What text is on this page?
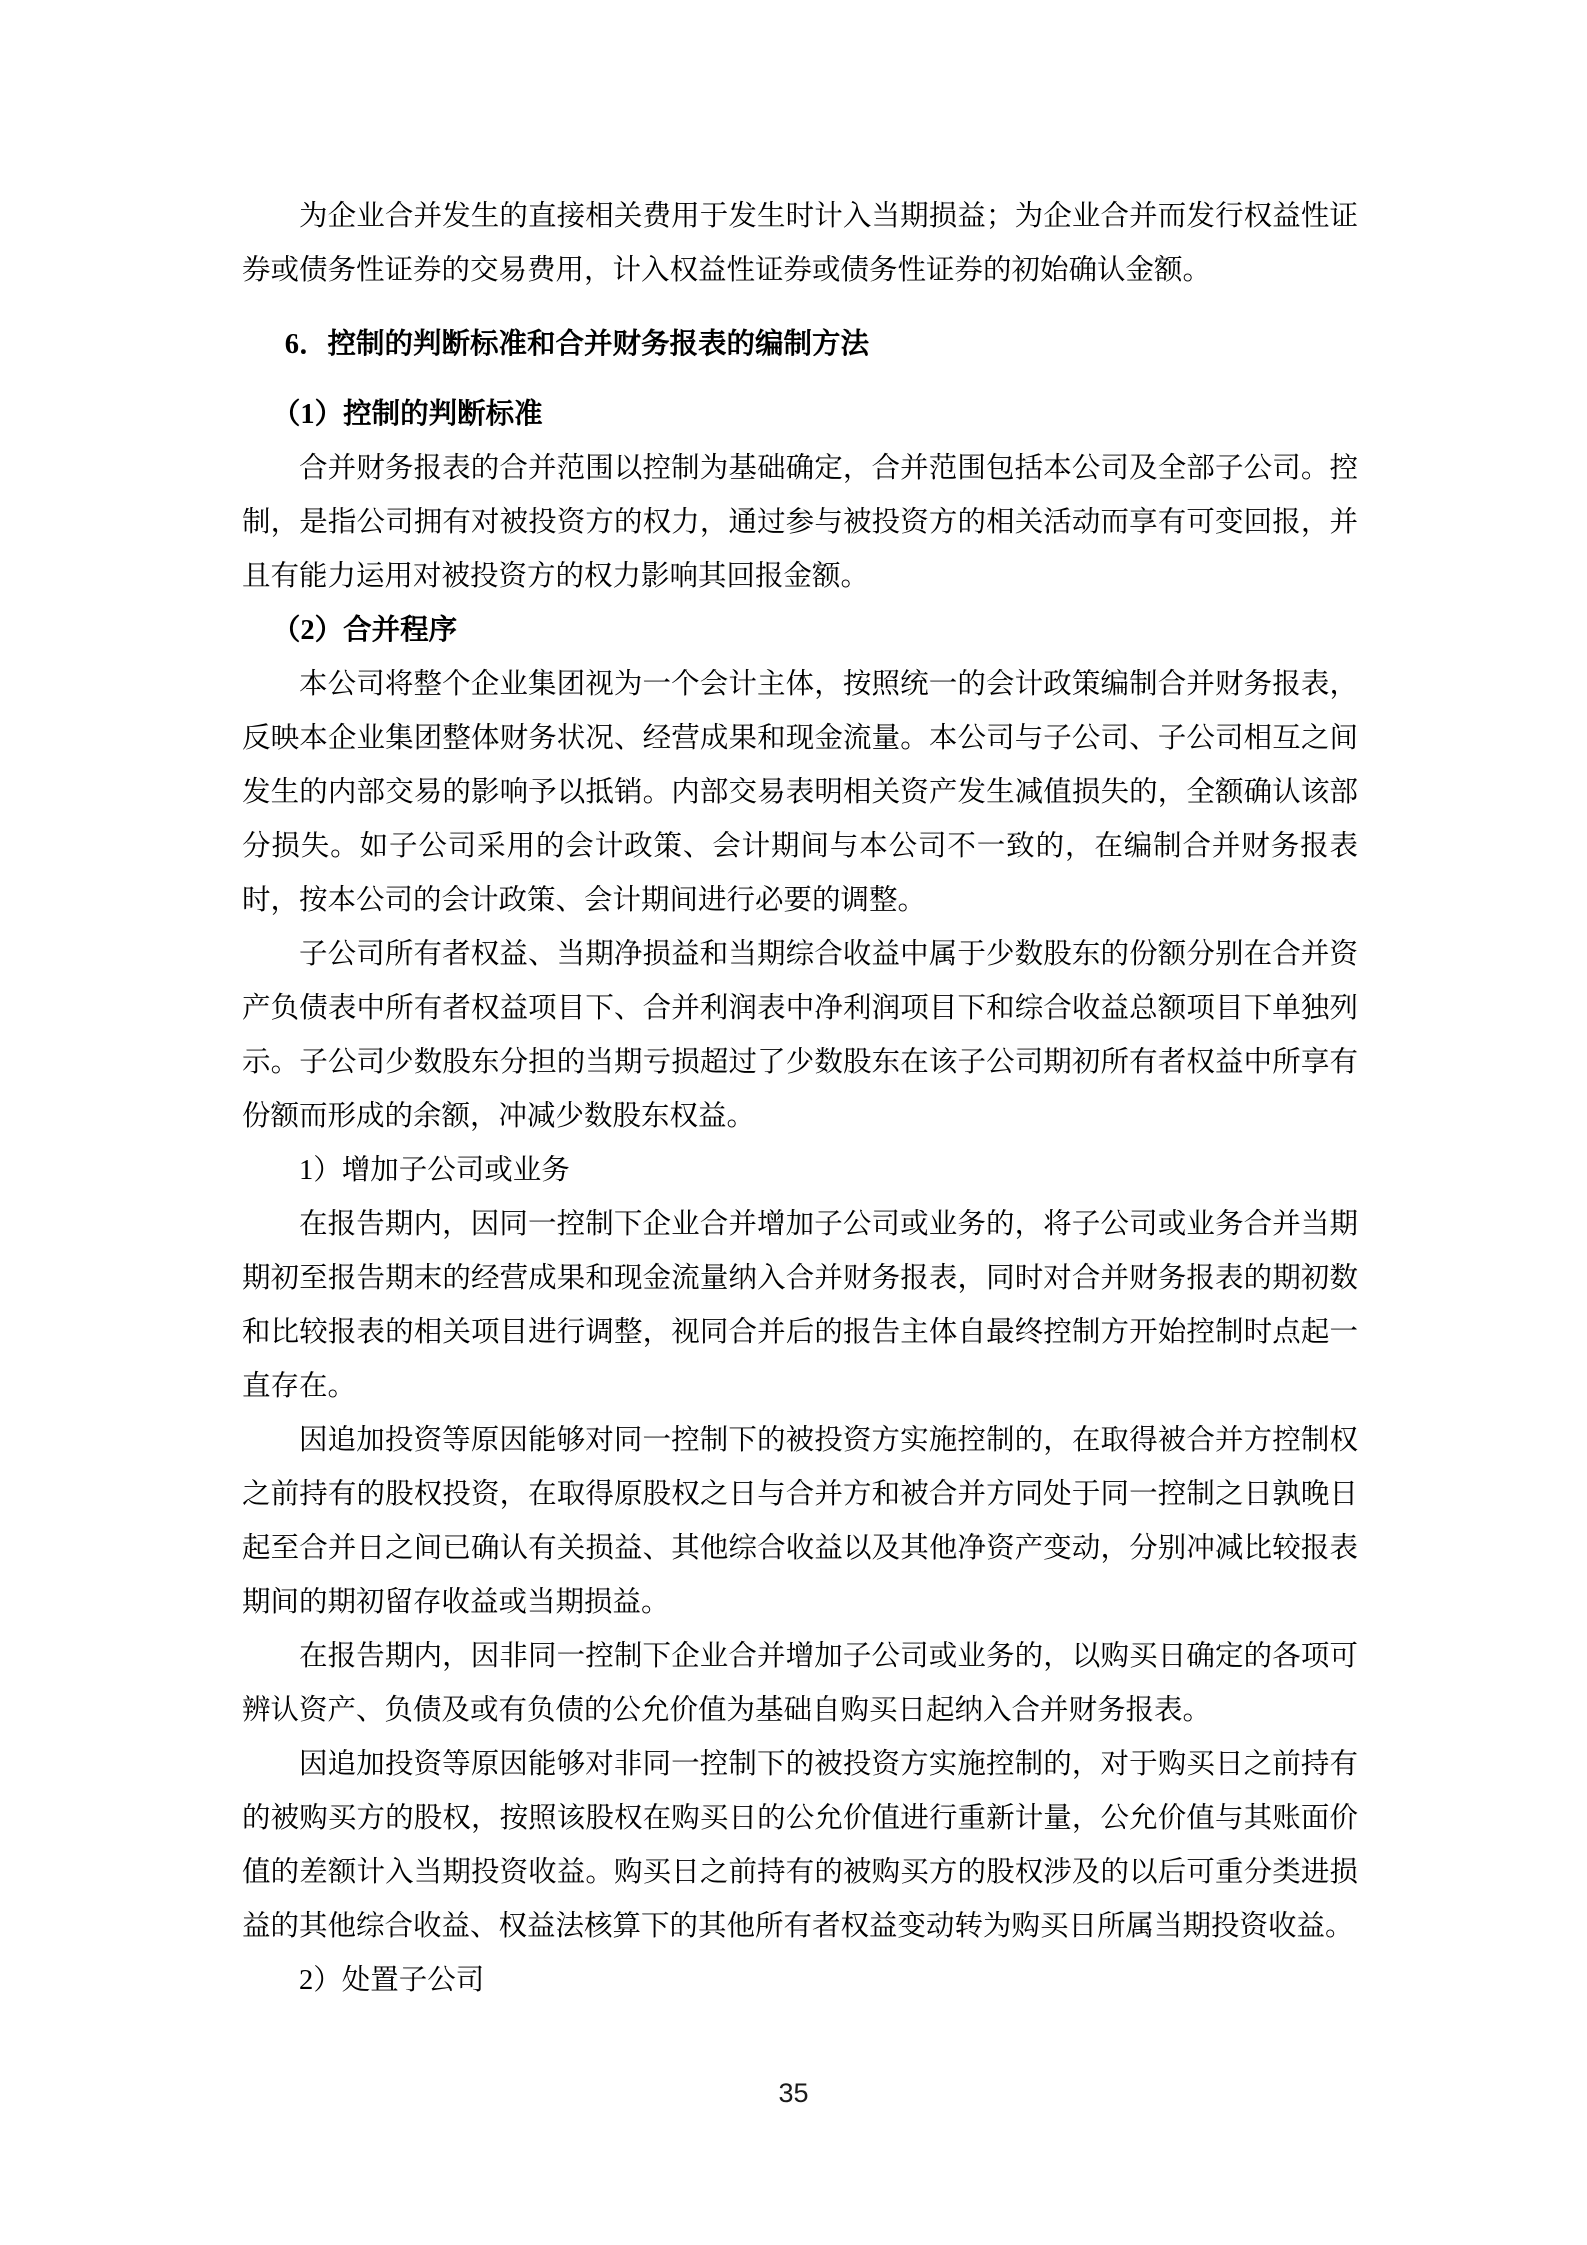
为企业合并发生的直接相关费用于发生时计入当期损益；为企业合并而发行权益性证券或债务性证券的交易费用，计入权益性证券或债务性证券的初始确认金额。

6．控制的判断标准和合并财务报表的编制方法

（1）控制的判断标准

合并财务报表的合并范围以控制为基础确定，合并范围包括本公司及全部子公司。控制，是指公司拥有对被投资方的权力，通过参与被投资方的相关活动而享有可变回报，并且有能力运用对被投资方的权力影响其回报金额。

（2）合并程序

本公司将整个企业集团视为一个会计主体，按照统一的会计政策编制合并财务报表，反映本企业集团整体财务状况、经营成果和现金流量。本公司与子公司、子公司相互之间发生的内部交易的影响予以抵销。内部交易表明相关资产发生减值损失的，全额确认该部分损失。如子公司采用的会计政策、会计期间与本公司不一致的，在编制合并财务报表时，按本公司的会计政策、会计期间进行必要的调整。

子公司所有者权益、当期净损益和当期综合收益中属于少数股东的份额分别在合并资产负债表中所有者权益项目下、合并利润表中净利润项目下和综合收益总额项目下单独列示。子公司少数股东分担的当期亏损超过了少数股东在该子公司期初所有者权益中所享有份额而形成的余额，冲减少数股东权益。

1）增加子公司或业务

在报告期内，因同一控制下企业合并增加子公司或业务的，将子公司或业务合并当期期初至报告期末的经营成果和现金流量纳入合并财务报表，同时对合并财务报表的期初数和比较报表的相关项目进行调整，视同合并后的报告主体自最终控制方开始控制时点起一直存在。

因追加投资等原因能够对同一控制下的被投资方实施控制的，在取得被合并方控制权之前持有的股权投资，在取得原股权之日与合并方和被合并方同处于同一控制之日孰晚日起至合并日之间已确认有关损益、其他综合收益以及其他净资产变动，分别冲减比较报表期间的期初留存收益或当期损益。

在报告期内，因非同一控制下企业合并增加子公司或业务的，以购买日确定的各项可辨认资产、负债及或有负债的公允价值为基础自购买日起纳入合并财务报表。

因追加投资等原因能够对非同一控制下的被投资方实施控制的，对于购买日之前持有的被购买方的股权，按照该股权在购买日的公允价值进行重新计量，公允价值与其账面价值的差额计入当期投资收益。购买日之前持有的被购买方的股权涉及的以后可重分类进损益的其他综合收益、权益法核算下的其他所有者权益变动转为购买日所属当期投资收益。

2）处置子公司

35
